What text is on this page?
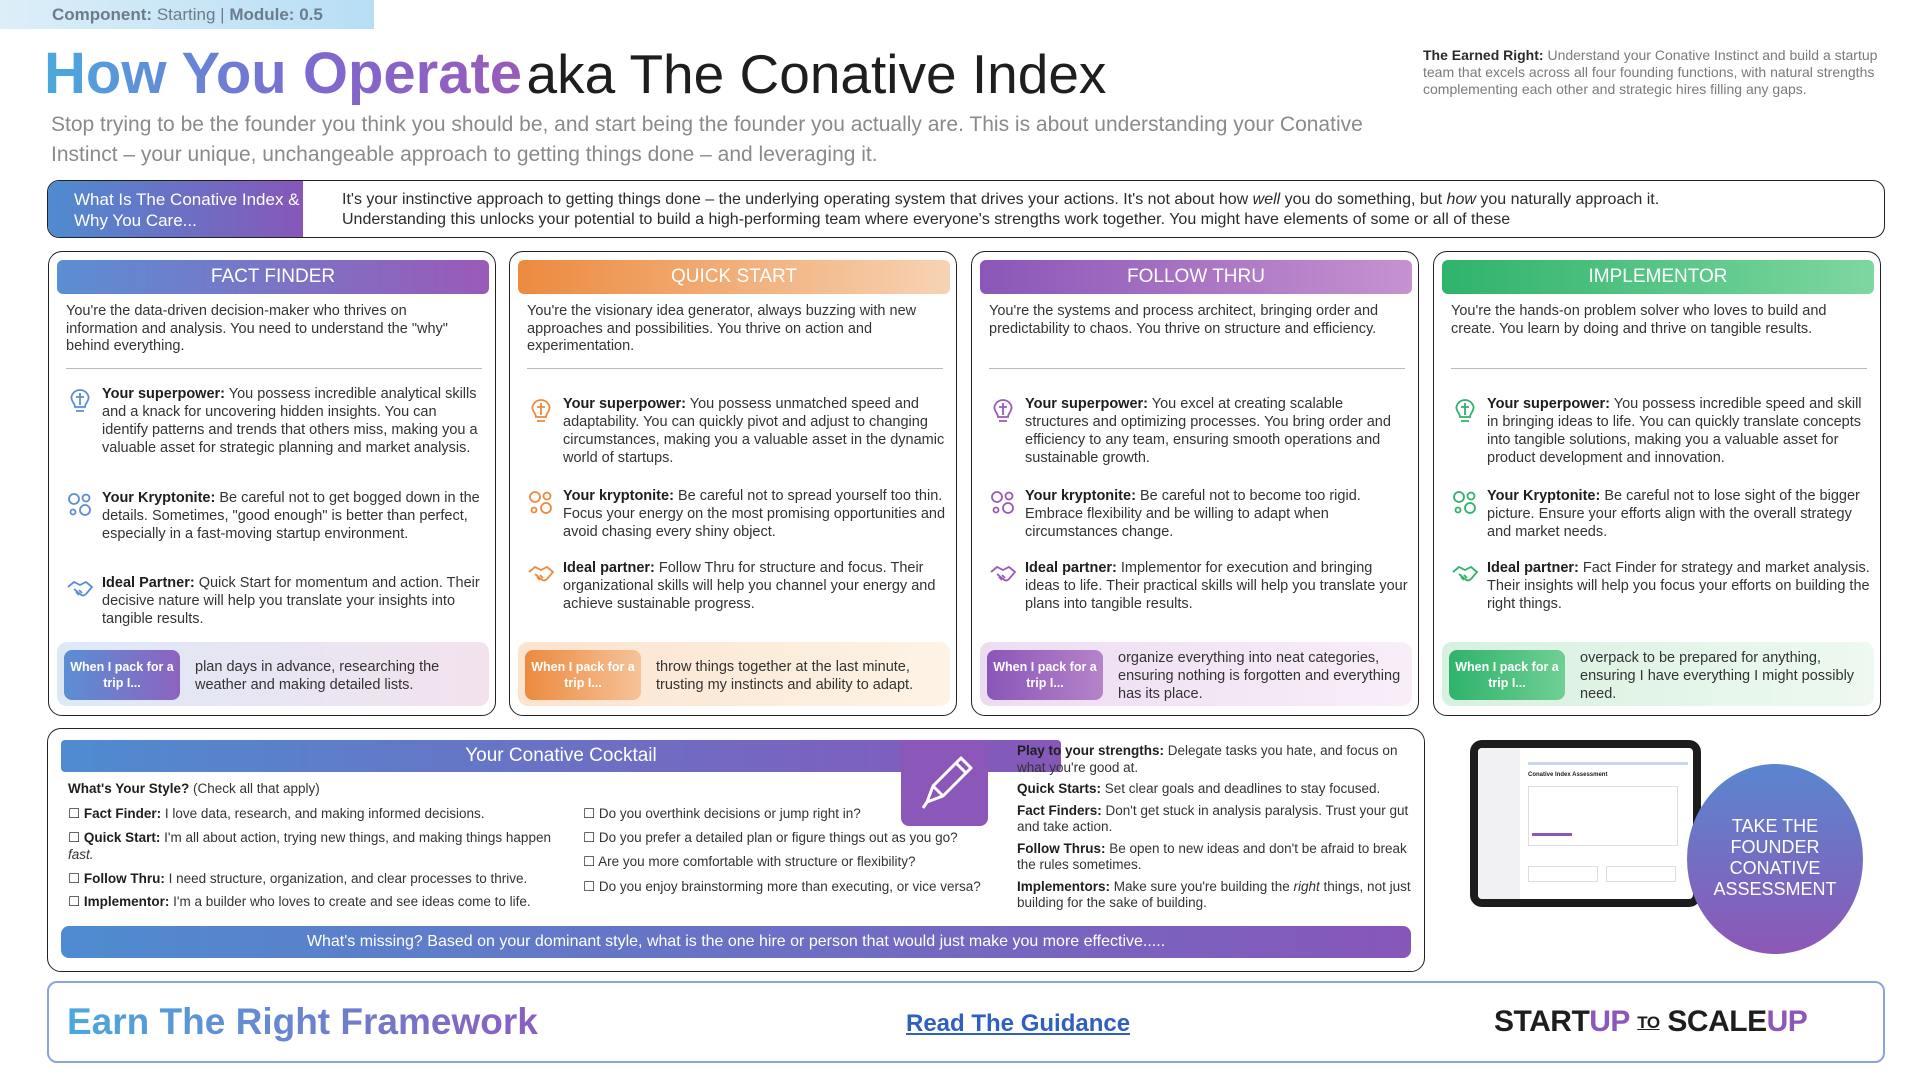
Component: Starting | Module: 0.5
How You Operate aka The Conative Index
Stop trying to be the founder you think you should be, and start being the founder you actually are. This is about understanding your Conative Instinct – your unique, unchangeable approach to getting things done – and leveraging it.
The Earned Right: Understand your Conative Instinct and build a startup team that excels across all four founding functions, with natural strengths complementing each other and strategic hires filling any gaps.
What Is The Conative Index & Why You Care...
It's your instinctive approach to getting things done – the underlying operating system that drives your actions. It's not about how well you do something, but how you naturally approach it.
Understanding this unlocks your potential to build a high-performing team where everyone's strengths work together. You might have elements of some or all of these
FACT FINDER
You're the data-driven decision-maker who thrives on information and analysis. You need to understand the "why" behind everything.
Your superpower: You possess incredible analytical skills and a knack for uncovering hidden insights. You can identify patterns and trends that others miss, making you a valuable asset for strategic planning and market analysis.
Your Kryptonite: Be careful not to get bogged down in the details. Sometimes, "good enough" is better than perfect, especially in a fast-moving startup environment.
Ideal Partner: Quick Start for momentum and action. Their decisive nature will help you translate your insights into tangible results.
When I pack for a trip I...
plan days in advance, researching the weather and making detailed lists.
QUICK START
You're the visionary idea generator, always buzzing with new approaches and possibilities. You thrive on action and experimentation.
Your superpower: You possess unmatched speed and adaptability. You can quickly pivot and adjust to changing circumstances, making you a valuable asset in the dynamic world of startups.
Your kryptonite: Be careful not to spread yourself too thin. Focus your energy on the most promising opportunities and avoid chasing every shiny object.
Ideal partner: Follow Thru for structure and focus. Their organizational skills will help you channel your energy and achieve sustainable progress.
When I pack for a trip I...
throw things together at the last minute, trusting my instincts and ability to adapt.
FOLLOW THRU
You're the systems and process architect, bringing order and predictability to chaos. You thrive on structure and efficiency.
Your superpower: You excel at creating scalable structures and optimizing processes. You bring order and efficiency to any team, ensuring smooth operations and sustainable growth.
Your kryptonite: Be careful not to become too rigid. Embrace flexibility and be willing to adapt when circumstances change.
Ideal partner: Implementor for execution and bringing ideas to life. Their practical skills will help you translate your plans into tangible results.
When I pack for a trip I...
organize everything into neat categories, ensuring nothing is forgotten and everything has its place.
IMPLEMENTOR
You're the hands-on problem solver who loves to build and create. You learn by doing and thrive on tangible results.
Your superpower: You possess incredible speed and skill in bringing ideas to life. You can quickly translate concepts into tangible solutions, making you a valuable asset for product development and innovation.
Your Kryptonite: Be careful not to lose sight of the bigger picture. Ensure your efforts align with the overall strategy and market needs.
Ideal partner: Fact Finder for strategy and market analysis. Their insights will help you focus your efforts on building the right things.
When I pack for a trip I...
overpack to be prepared for anything, ensuring I have everything I might possibly need.
Your Conative Cocktail
What's Your Style? (Check all that apply)
☐ Fact Finder: I love data, research, and making informed decisions.
☐ Quick Start: I'm all about action, trying new things, and making things happen fast.
☐ Follow Thru: I need structure, organization, and clear processes to thrive.
☐ Implementor: I'm a builder who loves to create and see ideas come to life.
☐ Do you overthink decisions or jump right in?
☐ Do you prefer a detailed plan or figure things out as you go?
☐ Are you more comfortable with structure or flexibility?
☐ Do you enjoy brainstorming more than executing, or vice versa?

Play to your strengths: Delegate tasks you hate, and focus on what you're good at.

Quick Starts: Set clear goals and deadlines to stay focused.

Fact Finders: Don't get stuck in analysis paralysis. Trust your gut and take action.

Follow Thrus: Be open to new ideas and don't be afraid to break the rules sometimes.

Implementors: Make sure you're building the right things, not just building for the sake of building.

What's missing? Based on your dominant style, what is the one hire or person that would just make you more effective.....
Conative Index Assessment
TAKE THE FOUNDER CONATIVE ASSESSMENT
Earn The Right Framework	Read The Guidance	STARTUP TO SCALEUP
